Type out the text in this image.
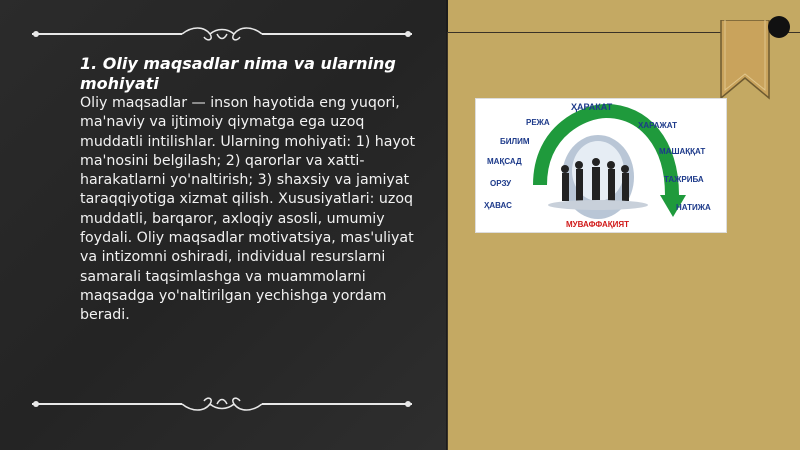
1. Oliy maqsadlar nima va ularning mohiyati
Oliy maqsadlar — inson hayotida eng yuqori, ma'naviy va ijtimoiy qiymatga ega uzoq muddatli intilishlar. Ularning mohiyati: 1) hayot ma'nosini belgilash; 2) qarorlar va xatti-harakatlarni yo'naltirish; 3) shaxsiy va jamiyat taraqqiyotiga xizmat qilish. Xususiyatlari: uzoq muddatli, barqaror, axloqiy asosli, umumiy foydali. Oliy maqsadlar motivatsiya, mas'uliyat va intizomni oshiradi, individual resurslarni samarali taqsimlashga va muammolarni maqsadga yo'naltirilgan yechishga yordam beradi.
ҲАРАКАТ
РЕЖА
БИЛИМ
МАҚСАД
ОРЗУ
ҲАВАС
ХАРАЖАТ
МАШАҚҚАТ
ТАЖРИБА
НАТИЖА
МУВАФФАҚИЯТ
